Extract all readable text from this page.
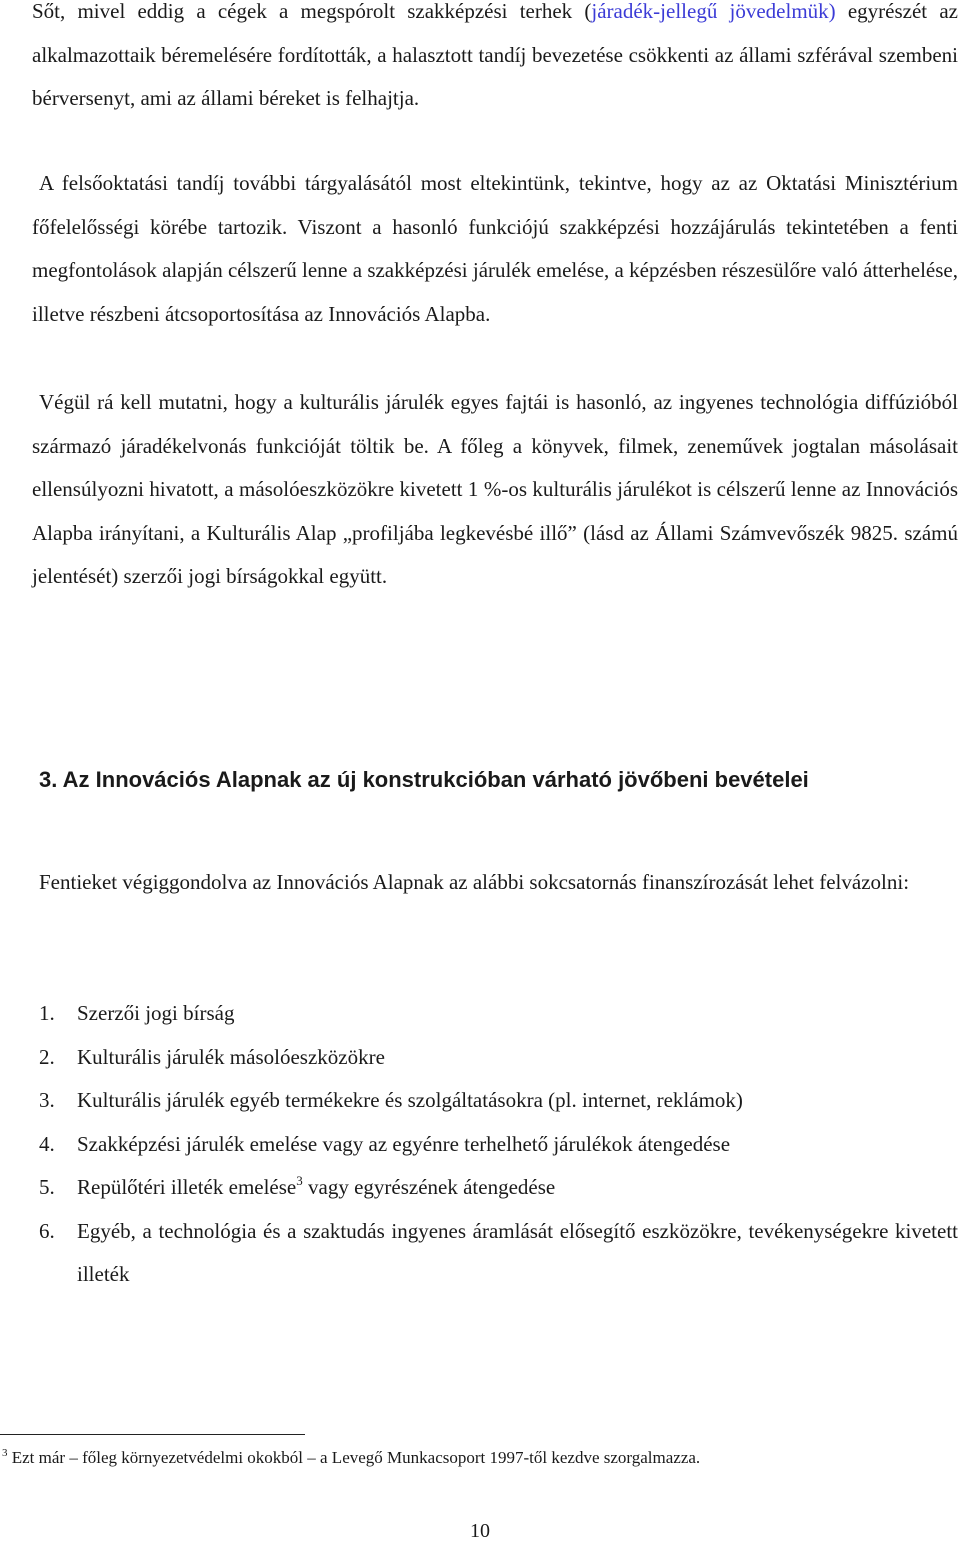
Sőt, mivel eddig a cégek a megspórolt szakképzési terhek (járadék-jellegű jövedelmük) egyrészét az alkalmazottaik béremelésére fordították, a halasztott tandíj bevezetése csökkenti az állami szférával szembeni bérversenyt, ami az állami béreket is felhajtja.

A felsőoktatási tandíj további tárgyalásától most eltekintünk, tekintve, hogy az az Oktatási Minisztérium főfelelősségi körébe tartozik. Viszont a hasonló funkciójú szakképzési hozzájárulás tekintetében a fenti megfontolások alapján célszerű lenne a szakképzési járulék emelése, a képzésben részesülőre való átterhelése, illetve részbeni átcsoportosítása az Innovációs Alapba.

Végül rá kell mutatni, hogy a kulturális járulék egyes fajtái is hasonló, az ingyenes technológia diffúzióból származó járadékelvonás funkcióját töltik be. A főleg a könyvek, filmek, zeneművek jogtalan másolásait ellensúlyozni hivatott, a másolóeszközökre kivetett 1 %-os kulturális járulékot is célszerű lenne az Innovációs Alapba irányítani, a Kulturális Alap „profiljába legkevésbé illő” (lásd az Állami Számvevőszék 9825. számú jelentését) szerzői jogi bírságokkal együtt.

3. Az Innovációs Alapnak az új konstrukcióban várható jövőbeni bevételei

Fentieket végiggondolva az Innovációs Alapnak az alábbi sokcsatornás finanszírozását lehet felvázolni:

1. Szerzői jogi bírság
2. Kulturális járulék másolóeszközökre
3. Kulturális járulék egyéb termékekre és szolgáltatásokra (pl. internet, reklámok)
4. Szakképzési járulék emelése vagy az egyénre terhelhető járulékok átengedése
5. Repülőtéri illeték emelése$^3$ vagy egyrészének átengedése
6. Egyéb, a technológia és a szaktudás ingyenes áramlását elősegítő eszközökre, tevékenységekre kivetett illeték

$^3$ Ezt már – főleg környezetvédelmi okokból – a Levegő Munkacsoport 1997-től kezdve szorgalmazza.

10
